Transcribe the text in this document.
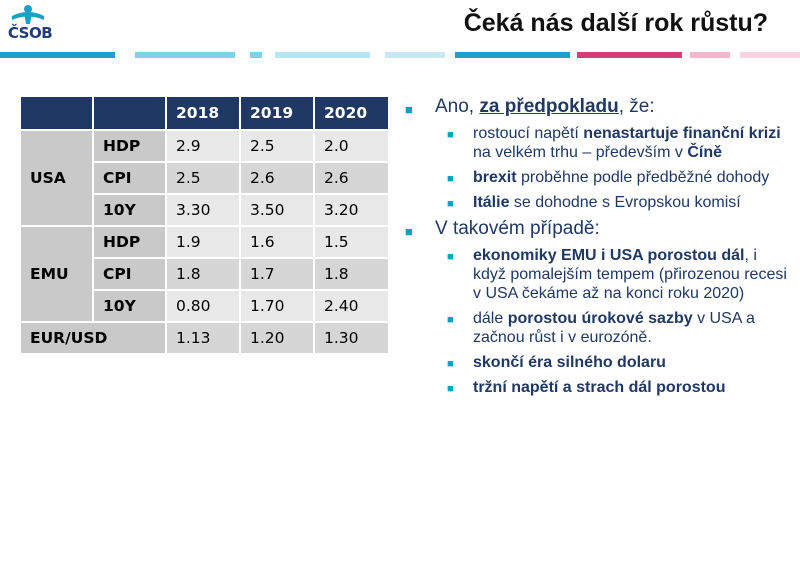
ČSOB	Čeká nás další rok růstu?
		2018	2019	2020
USA	HDP	2.9	2.5	2.0
	CPI	2.5	2.6	2.6
	10Y	3.30	3.50	3.20
EMU	HDP	1.9	1.6	1.5
	CPI	1.8	1.7	1.8
	10Y	0.80	1.70	2.40
EUR/USD		1.13	1.20	1.30
■ Ano, za předpokladu, že:
■ rostoucí napětí nenastartuje finanční krizi na velkém trhu – především v Číně
■ brexit proběhne podle předběžné dohody
■ Itálie se dohodne s Evropskou komisí
■ V takovém případě:
■ ekonomiky EMU i USA porostou dál, i když pomalejším tempem (přirozenou recesi v USA čekáme až na konci roku 2020)
■ dále porostou úrokové sazby v USA a začnou růst i v eurozóně.
■ skončí éra silného dolaru
■ tržní napětí a strach dál porostou
